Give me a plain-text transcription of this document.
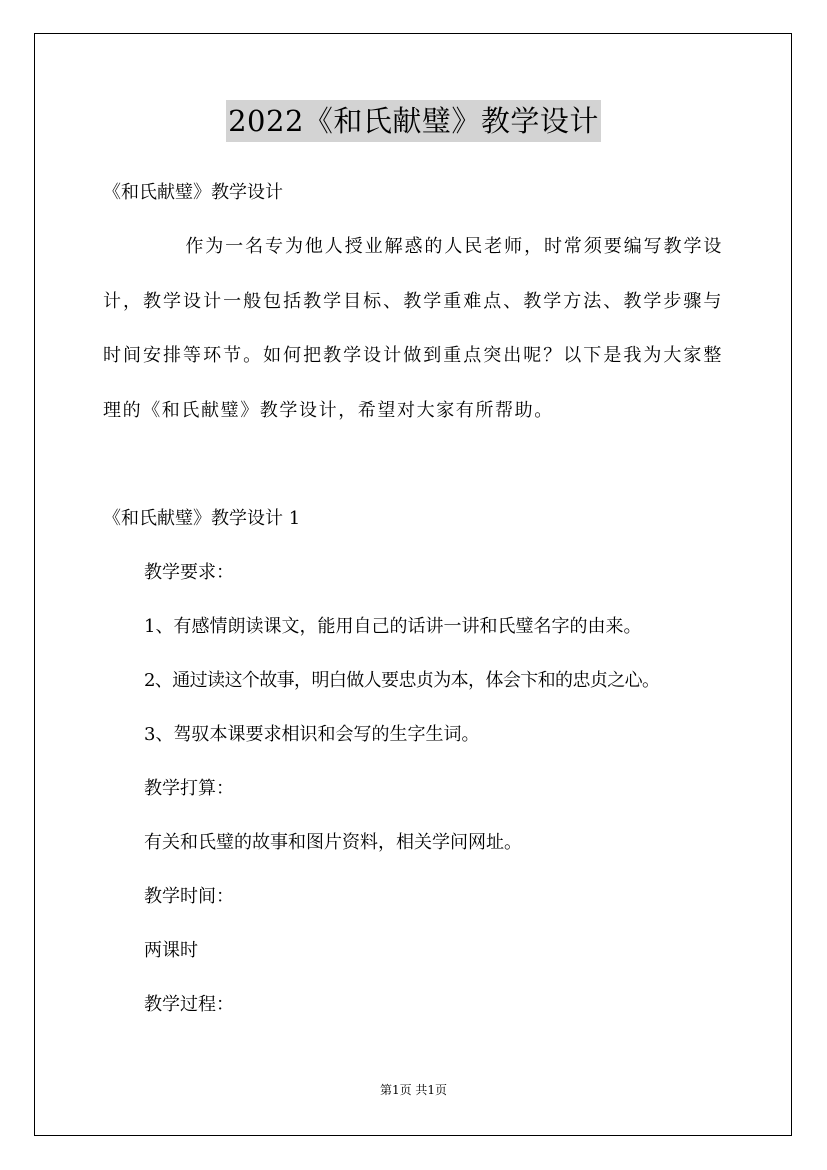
2022《和氏献璧》教学设计
《和氏献璧》教学设计
作为一名专为他人授业解惑的人民老师，时常须要编写教学设计，教学设计一般包括教学目标、教学重难点、教学方法、教学步骤与时间安排等环节。如何把教学设计做到重点突出呢？以下是我为大家整理的《和氏献璧》教学设计，希望对大家有所帮助。
《和氏献璧》教学设计 1
教学要求：
1、有感情朗读课文，能用自己的话讲一讲和氏璧名字的由来。
2、通过读这个故事，明白做人要忠贞为本，体会卞和的忠贞之心。
3、驾驭本课要求相识和会写的生字生词。
教学打算：
有关和氏璧的故事和图片资料，相关学问网址。
教学时间：
两课时
教学过程：
第1页 共1页
